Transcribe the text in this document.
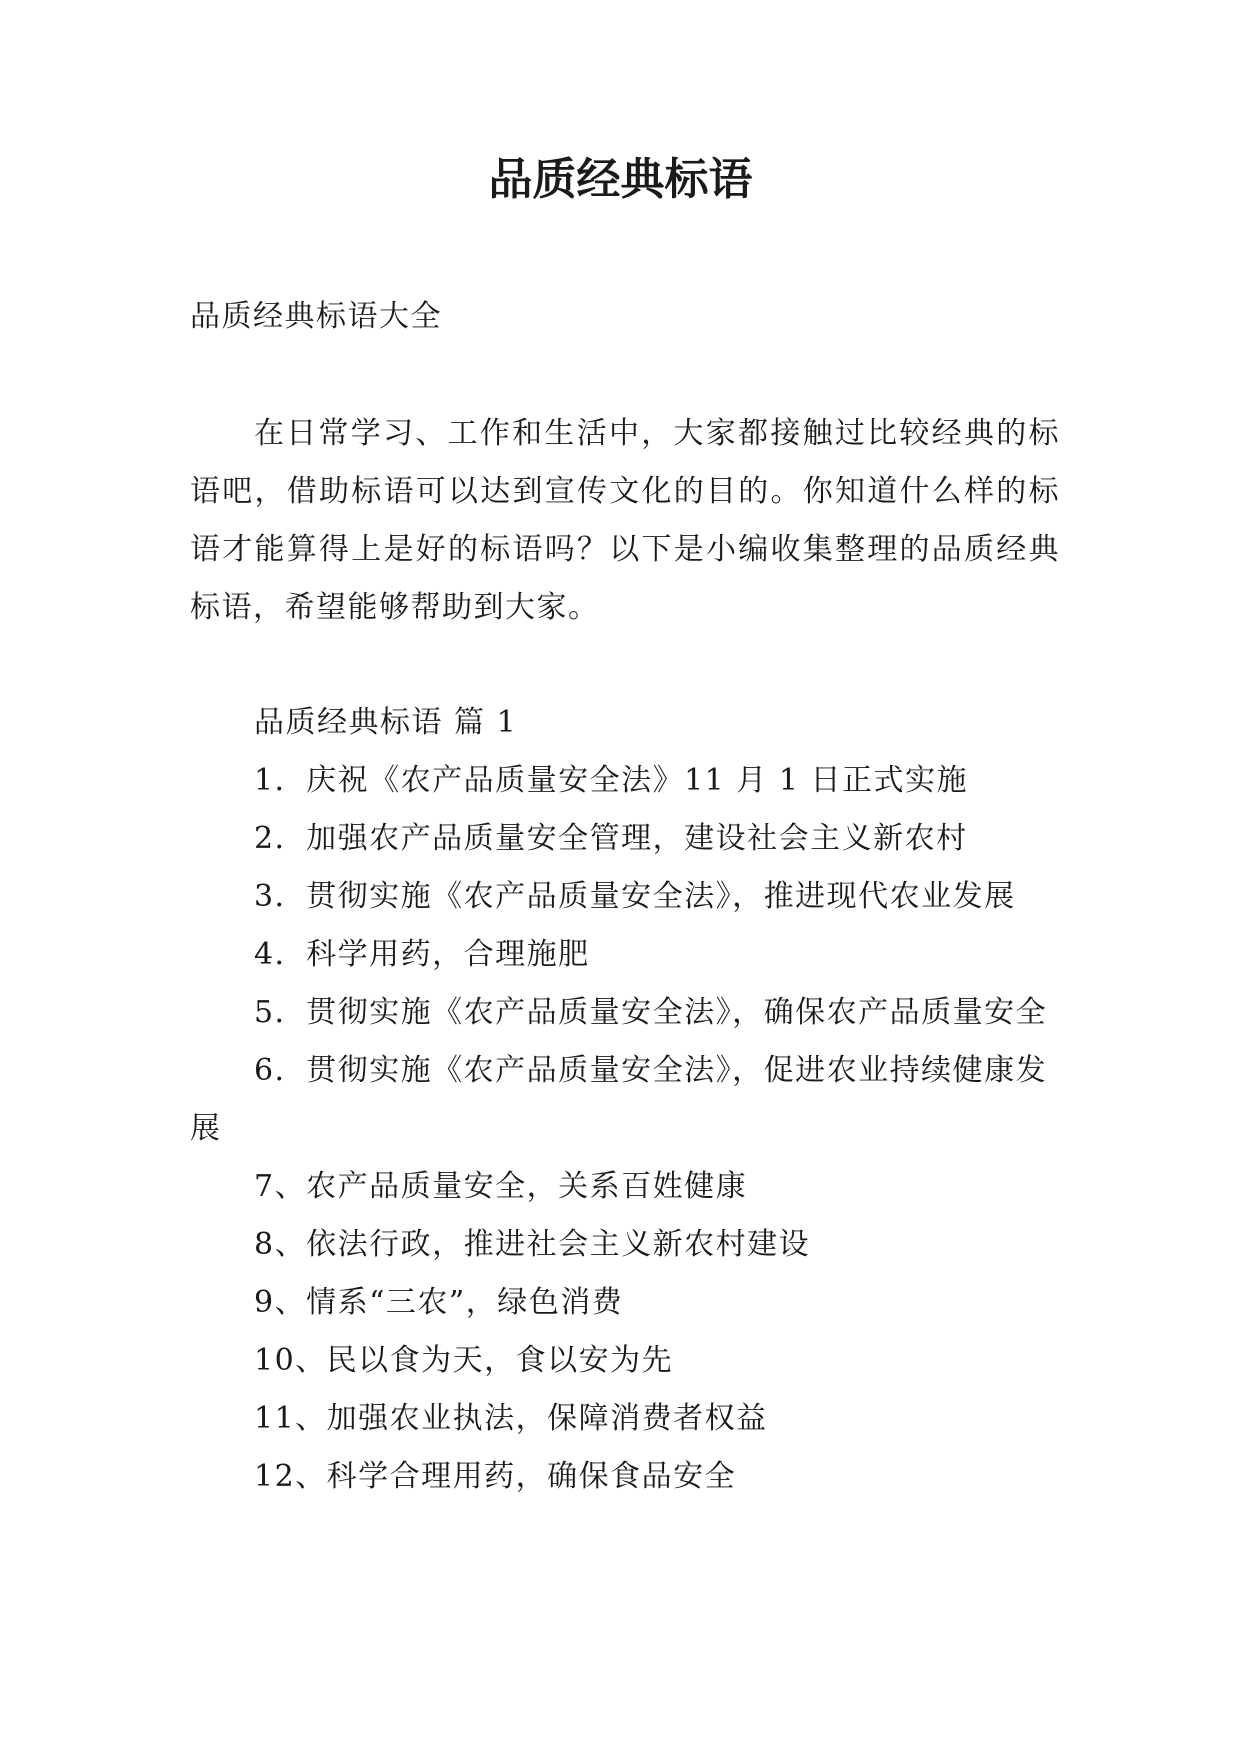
品质经典标语

品质经典标语大全

在日常学习、工作和生活中，大家都接触过比较经典的标语吧，借助标语可以达到宣传文化的目的。你知道什么样的标语才能算得上是好的标语吗？以下是小编收集整理的品质经典标语，希望能够帮助到大家。

品质经典标语 篇 1
1．庆祝《农产品质量安全法》11 月 1 日正式实施
2．加强农产品质量安全管理，建设社会主义新农村
3．贯彻实施《农产品质量安全法》，推进现代农业发展
4．科学用药，合理施肥
5．贯彻实施《农产品质量安全法》，确保农产品质量安全
6．贯彻实施《农产品质量安全法》，促进农业持续健康发展
7、农产品质量安全，关系百姓健康
8、依法行政，推进社会主义新农村建设
9、情系“三农”，绿色消费
10、民以食为天，食以安为先
11、加强农业执法，保障消费者权益
12、科学合理用药，确保食品安全
